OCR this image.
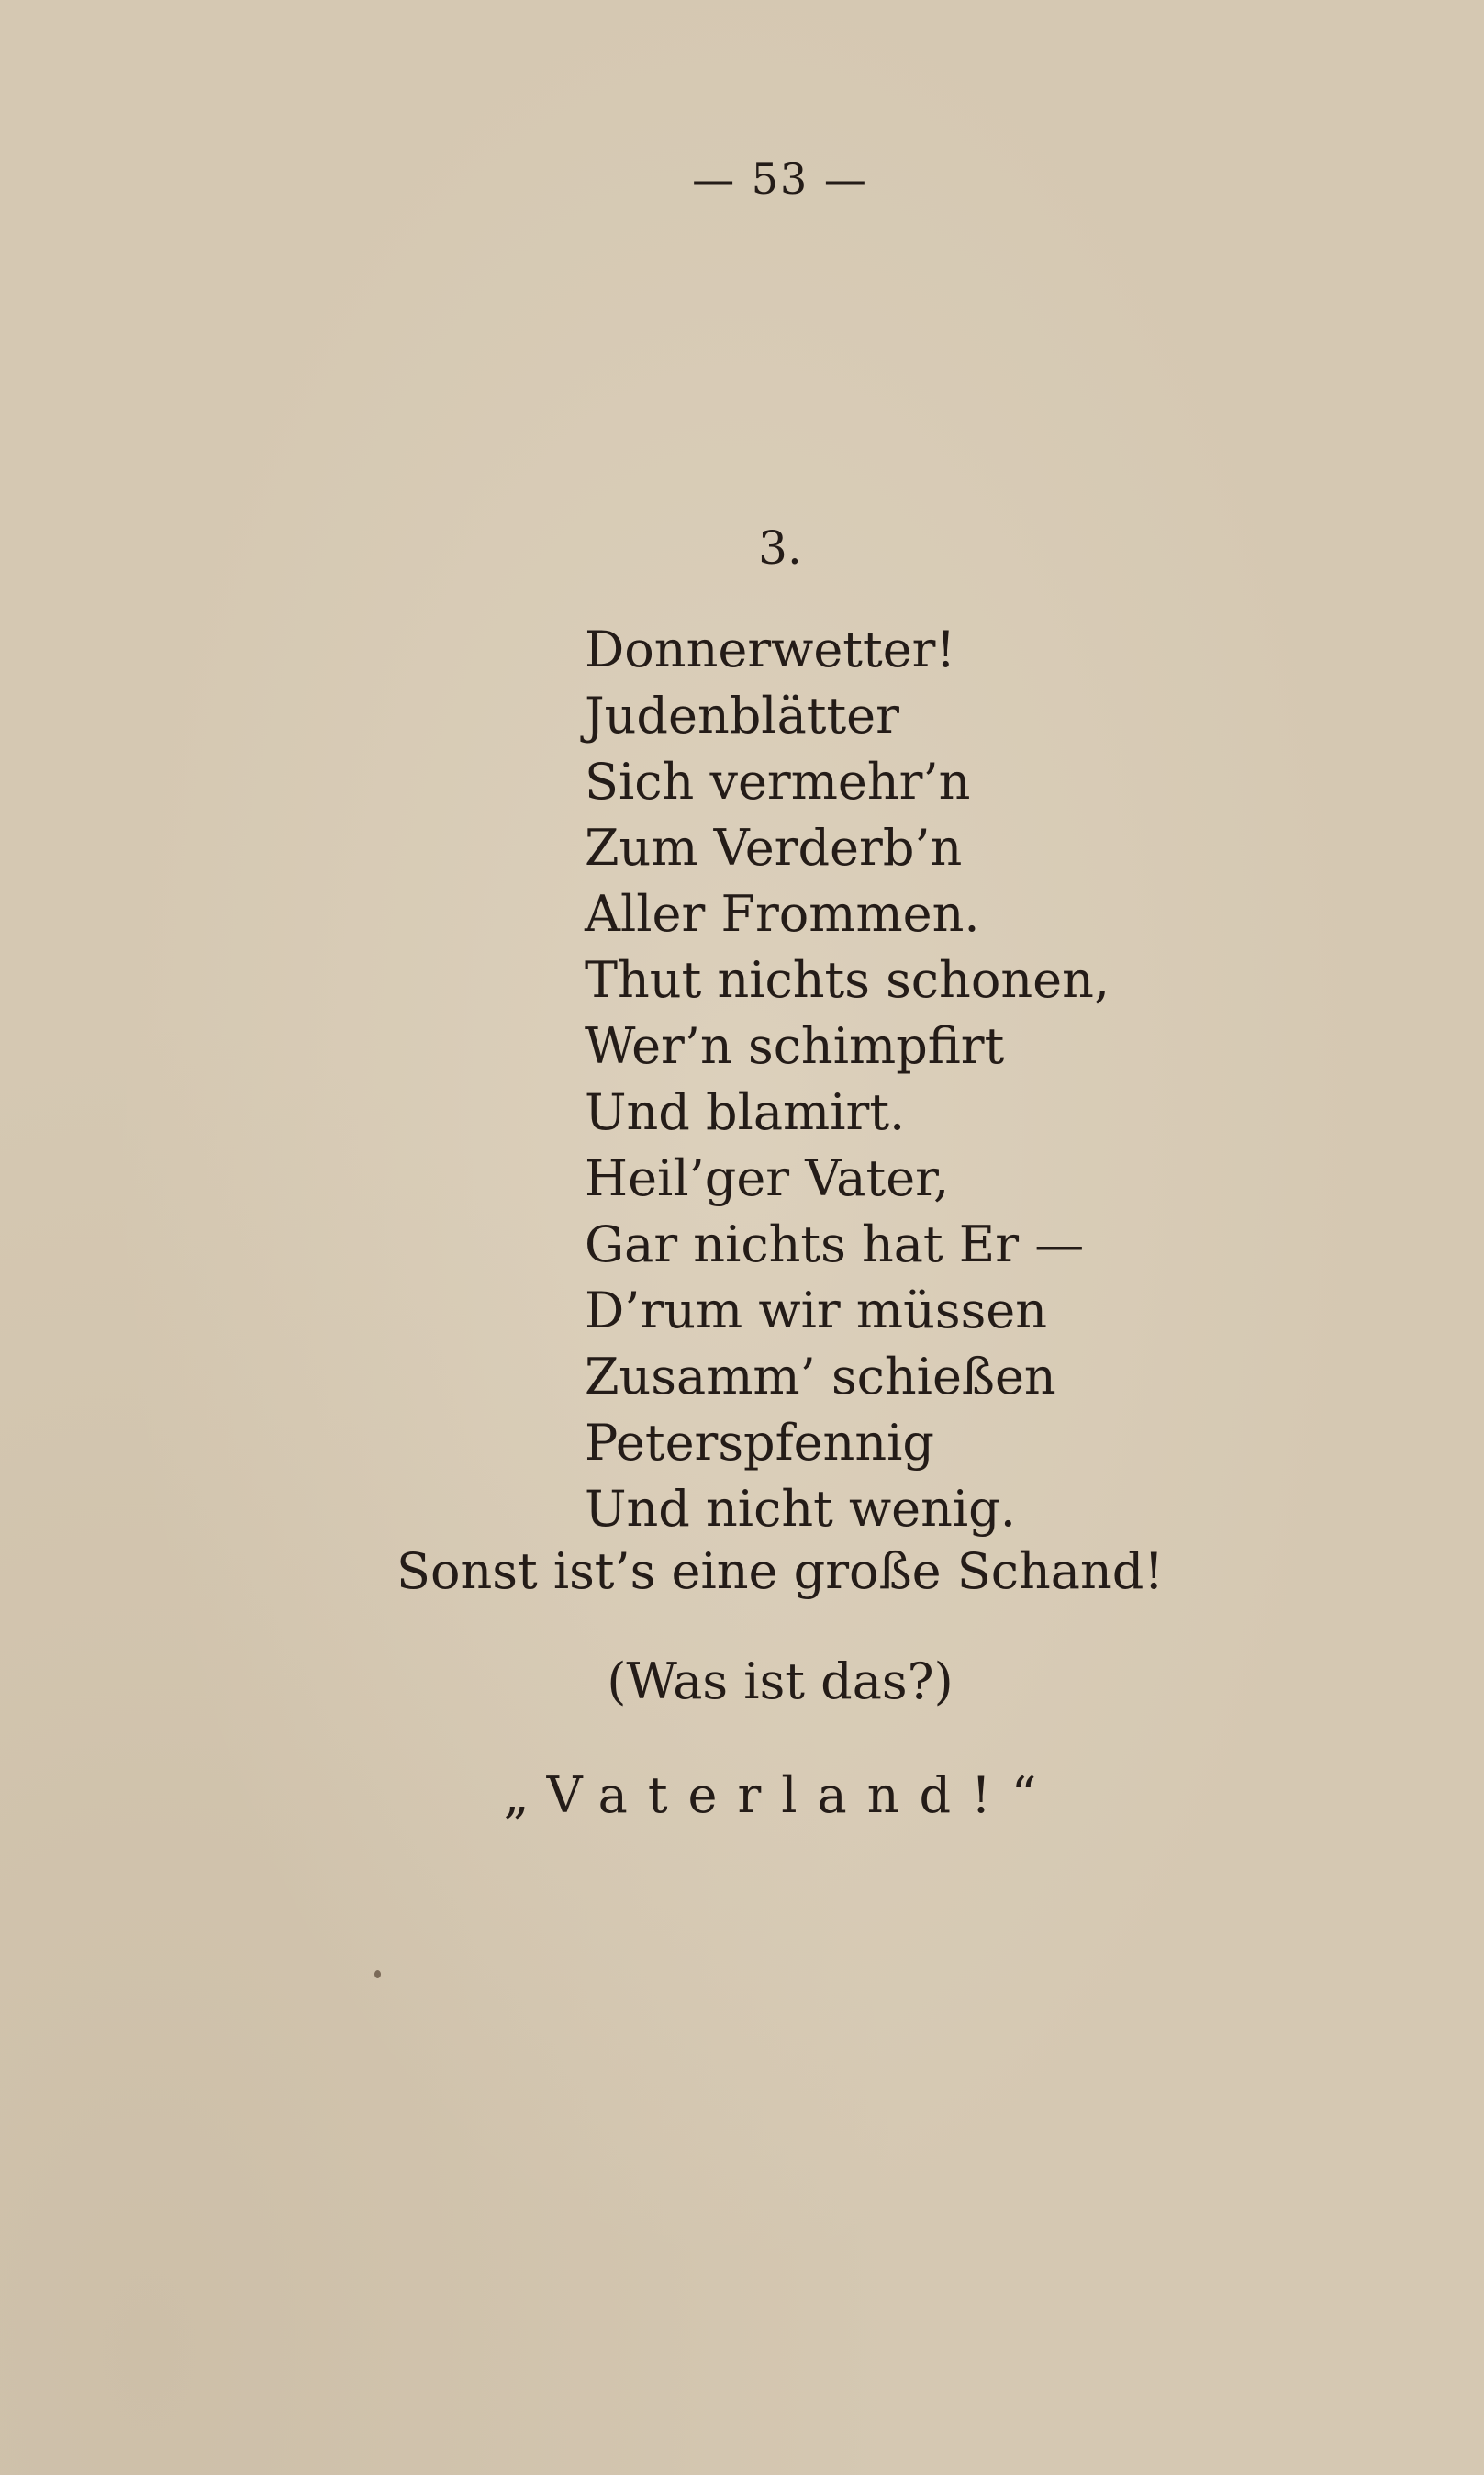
— 53 —
3.
Donnerwetter!
Judenblätter
Sich vermehr’n
Zum Verderb’n
Aller Frommen.
Thut nichts schonen,
Wer’n schimpfirt
Und blamirt.
Heil’ger Vater,
Gar nichts hat Er —
D’rum wir müssen
Zusamm’ schießen
Peterspfennig
Und nicht wenig.
Sonst ist’s eine große Schand!
(Was ist das?)
„Vaterland!“
